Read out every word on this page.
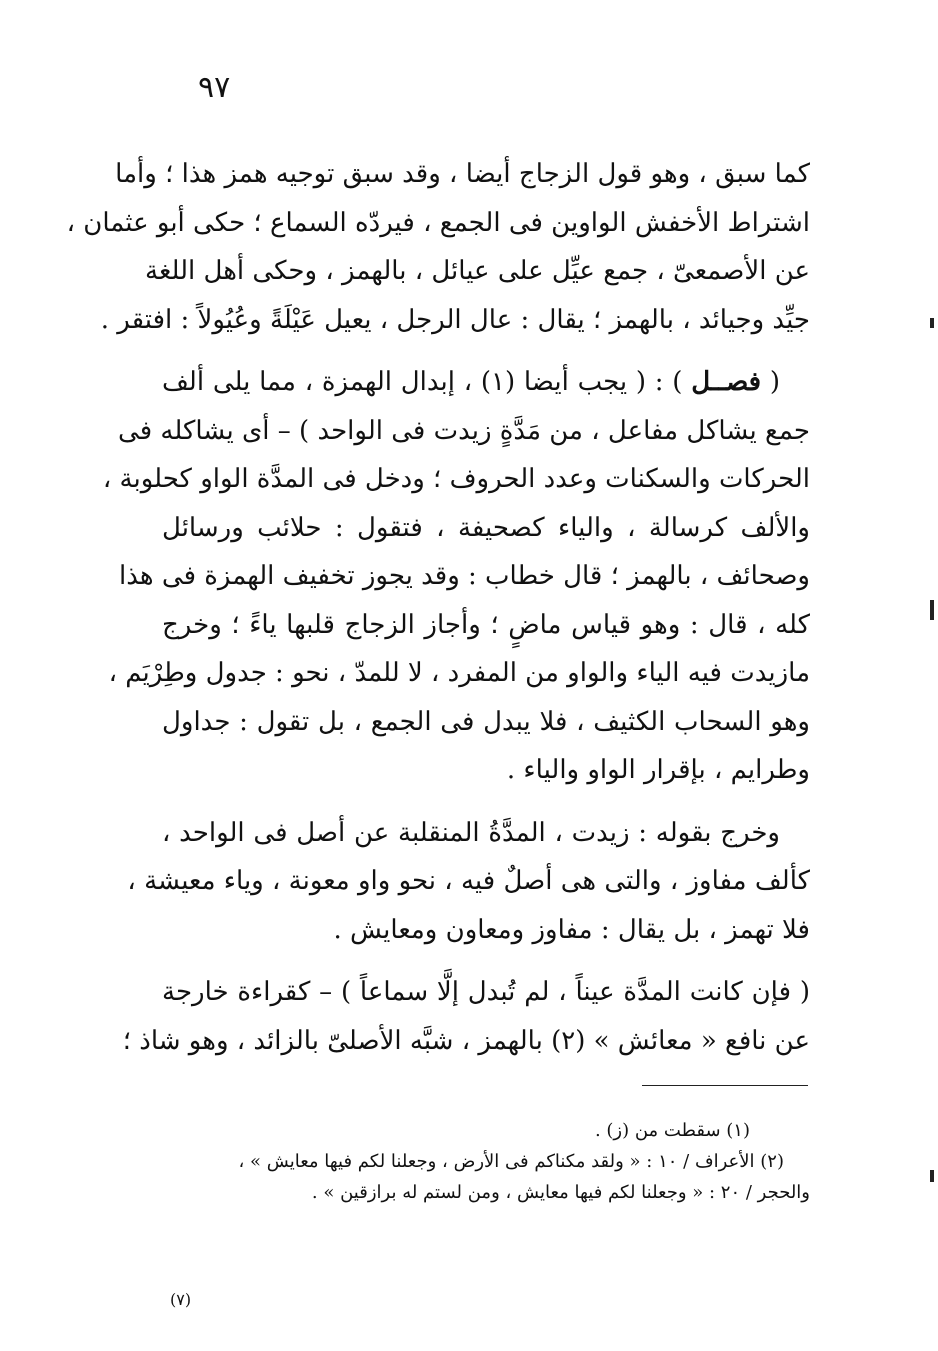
٩٧
كما سبق ، وهو قول الزجاج أيضا ، وقد سبق توجيه همز هذا ؛ وأما
اشتراط الأخفش الواوين فى الجمع ، فيردّه السماع ؛ حكى أبو عثمان ،
عن الأصمعىّ ، جمع عيِّل على عيائل ، بالهمز ، وحكى أهل اللغة
جيِّد وجيائد ، بالهمز ؛ يقال : عال الرجل ، يعيل عَيْلَةً وعُيُولاً : افتقر .
( فصــل ) : ( يجب أيضا (١) ، إبدال الهمزة ، مما يلى ألف
جمع يشاكل مفاعل ، من مَدَّةٍ زيدت فى الواحد ) – أى يشاكله فى
الحركات والسكنات وعدد الحروف ؛ ودخل فى المدَّة الواو كحلوبة ،
والألف كرسالة ، والياء كصحيفة ، فتقول : حلائب ورسائل
وصحائف ، بالهمز ؛ قال خطاب : وقد يجوز تخفيف الهمزة فى هذا
كله ، قال : وهو قياس ماضٍ ؛ وأجاز الزجاج قلبها ياءً ؛ وخرج
مازيدت فيه الياء والواو من المفرد ، لا للمدّ ، نحو : جدول وطِرْيَم ،
وهو السحاب الكثيف ، فلا يبدل فى الجمع ، بل تقول : جداول
وطرايم ، بإقرار الواو والياء .
وخرج بقوله : زيدت ، المدَّةُ المنقلبة عن أصل فى الواحد ،
كألف مفاوز ، والتى هى أصلٌ فيه ، نحو واو معونة ، وياء معيشة ،
فلا تهمز ، بل يقال : مفاوز ومعاون ومعايش .
( فإن كانت المدَّة عيناً ، لم تُبدل إلَّا سماعاً ) – كقراءة خارجة
عن نافع « معائش » (٢) بالهمز ، شبَّه الأصلىّ بالزائد ، وهو شاذ ؛
(١) سقطت من (ز) .
(٢) الأعراف / ١٠ : « ولقد مكناكم فى الأرض ، وجعلنا لكم فيها معايش » ،
والحجر / ٢٠ : « وجعلنا لكم فيها معايش ، ومن لستم له برازقين » .
(٧)
